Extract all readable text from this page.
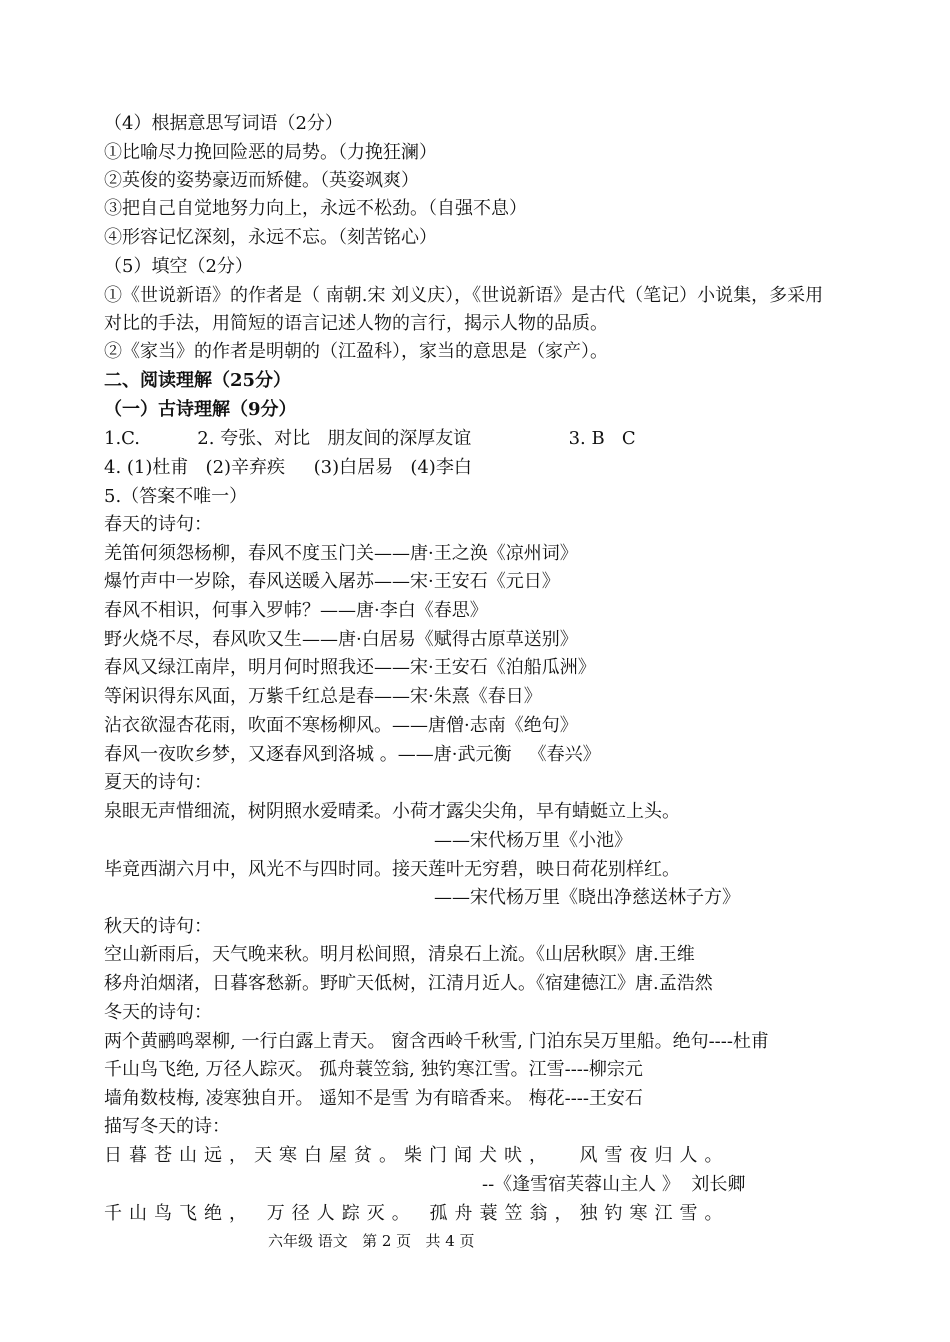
（4）根据意思写词语（2分）
①比喻尽力挽回险恶的局势。（力挽狂澜）
②英俊的姿势豪迈而矫健。（英姿飒爽）
③把自己自觉地努力向上，永远不松劲。（自强不息）
④形容记忆深刻，永远不忘。（刻苦铭心）
（5）填空（2分）
①《世说新语》的作者是（ 南朝.宋 刘义庆），《世说新语》是古代（笔记）小说集，多采用
对比的手法，用简短的语言记述人物的言行，揭示人物的品质。
②《家当》的作者是明朝的（江盈科），家当的意思是（家产）。
二、阅读理解（25分）
（一）古诗理解（9分）
1.C.          2. 夸张、对比   朋友间的深厚友谊                 3. B   C
4. (1)杜甫   (2)辛弃疾     (3)白居易   (4)李白
5.（答案不唯一）
春天的诗句：
羌笛何须怨杨柳，春风不度玉门关——唐·王之涣《凉州词》
爆竹声中一岁除，春风送暖入屠苏——宋·王安石《元日》
春风不相识，何事入罗帏？——唐·李白《春思》
野火烧不尽，春风吹又生——唐·白居易《赋得古原草送别》
春风又绿江南岸，明月何时照我还——宋·王安石《泊船瓜洲》
等闲识得东风面，万紫千红总是春——宋·朱熹《春日》
沾衣欲湿杏花雨，吹面不寒杨柳风。——唐僧·志南《绝句》
春风一夜吹乡梦，又逐春风到洛城 。——唐·武元衡   《春兴》
夏天的诗句：
泉眼无声惜细流，树阴照水爱晴柔。小荷才露尖尖角，早有蜻蜓立上头。
——宋代杨万里《小池》
毕竟西湖六月中，风光不与四时同。接天莲叶无穷碧，映日荷花别样红。
——宋代杨万里《晓出净慈送林子方》
秋天的诗句：
空山新雨后，天气晚来秋。明月松间照，清泉石上流。《山居秋暝》唐.王维
移舟泊烟渚，日暮客愁新。野旷天低树，江清月近人。《宿建德江》唐.孟浩然
冬天的诗句：
两个黄鹂鸣翠柳, 一行白露上青天。 窗含西岭千秋雪, 门泊东吴万里船。绝句----杜甫
千山鸟飞绝, 万径人踪灭。 孤舟蓑笠翁, 独钓寒江雪。江雪----柳宗元
墙角数枝梅, 凌寒独自开。 遥知不是雪 为有暗香来。 梅花----王安石
描写冬天的诗：
日暮苍山远，天寒白屋贫。柴门闻犬吠，  风雪夜归人。
--《逢雪宿芙蓉山主人 》  刘长卿
千山鸟飞绝， 万径人踪灭。 孤舟蓑笠翁，独钓寒江雪。
六年级 语文   第 2 页   共 4 页
